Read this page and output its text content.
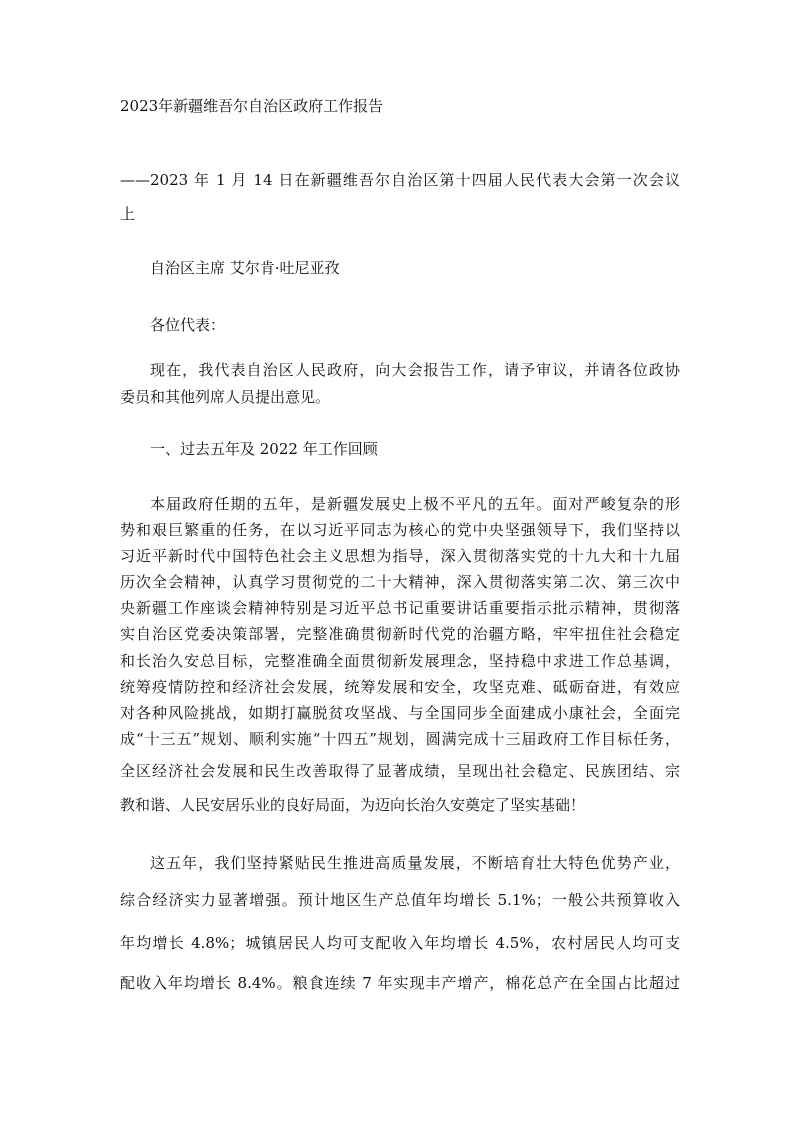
2023年新疆维吾尔自治区政府工作报告
——2023 年 1 月 14 日在新疆维吾尔自治区第十四届人民代表大会第一次会议
上
自治区主席 艾尔肯·吐尼亚孜
各位代表：
现在，我代表自治区人民政府，向大会报告工作，请予审议，并请各位政协
委员和其他列席人员提出意见。
一、过去五年及 2022 年工作回顾
本届政府任期的五年，是新疆发展史上极不平凡的五年。面对严峻复杂的形
势和艰巨繁重的任务，在以习近平同志为核心的党中央坚强领导下，我们坚持以
习近平新时代中国特色社会主义思想为指导，深入贯彻落实党的十九大和十九届
历次全会精神，认真学习贯彻党的二十大精神，深入贯彻落实第二次、第三次中
央新疆工作座谈会精神特别是习近平总书记重要讲话重要指示批示精神，贯彻落
实自治区党委决策部署，完整准确贯彻新时代党的治疆方略，牢牢扭住社会稳定
和长治久安总目标，完整准确全面贯彻新发展理念，坚持稳中求进工作总基调，
统筹疫情防控和经济社会发展，统筹发展和安全，攻坚克难、砥砺奋进，有效应
对各种风险挑战，如期打赢脱贫攻坚战、与全国同步全面建成小康社会，全面完
成“十三五”规划、顺利实施“十四五”规划，圆满完成十三届政府工作目标任务，
全区经济社会发展和民生改善取得了显著成绩，呈现出社会稳定、民族团结、宗
教和谐、人民安居乐业的良好局面，为迈向长治久安奠定了坚实基础！
这五年，我们坚持紧贴民生推进高质量发展，不断培育壮大特色优势产业，
综合经济实力显著增强。预计地区生产总值年均增长 5.1%；一般公共预算收入
年均增长 4.8%；城镇居民人均可支配收入年均增长 4.5%，农村居民人均可支
配收入年均增长 8.4%。粮食连续 7 年实现丰产增产，棉花总产在全国占比超过
